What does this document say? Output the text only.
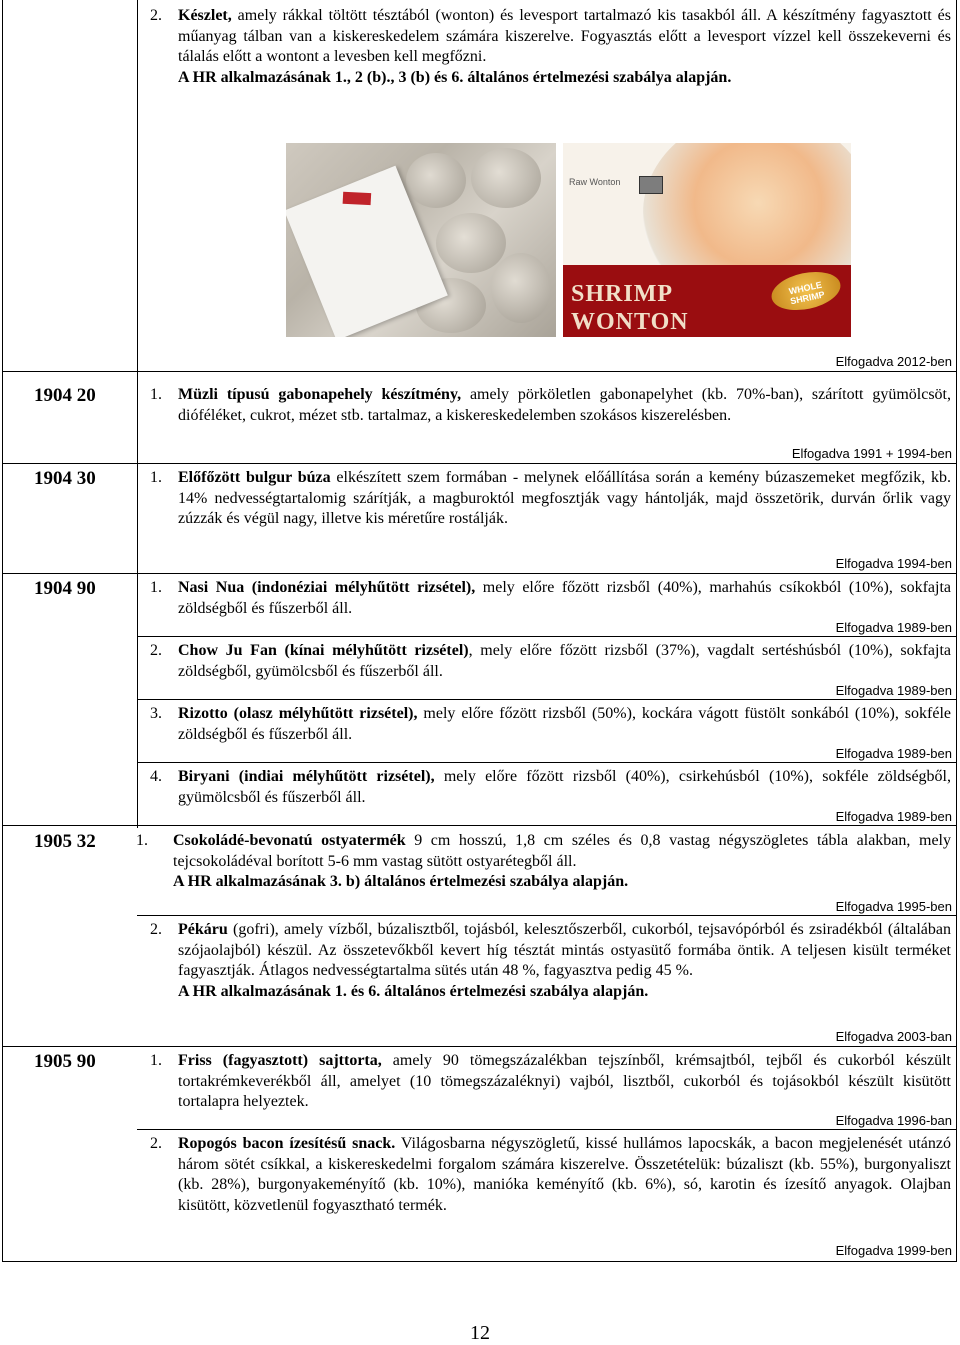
2. Készlet, amely rákkal töltött tésztából (wonton) és levesport tartalmazó kis tasakból áll. A készítmény fagyasztott és műanyag tálban van a kiskereskedelem számára kiszerelve. Fogyasztás előtt a levesport vízzel kell összekeverni és tálalás előtt a wontont a levesben kell megfőzni.
A HR alkalmazásának 1., 2 (b)., 3 (b) és 6. általános értelmezési szabálya alapján.
Raw Wonton
SHRIMP
WONTON
WHOLE SHRIMP
Elfogadva 2012-ben
1904 20	1. Müzli típusú gabonapehely készítmény, amely pörköletlen gabonapelyhet (kb. 70%-ban), szárított gyümölcsöt, dióféléket, cukrot, mézet stb. tartalmaz, a kiskereskedelemben szokásos kiszerelésben.
Elfogadva 1991 + 1994-ben
1904 30	1. Előfőzött bulgur búza elkészített szem formában - melynek előállítása során a kemény búzaszemeket megfőzik, kb. 14% nedvességtartalomig szárítják, a magburoktól megfosztják vagy hántolják, majd összetörik, durván őrlik vagy zúzzák és végül nagy, illetve kis méretűre rostálják.
Elfogadva 1994-ben
1904 90	1. Nasi Nua (indonéziai mélyhűtött rizsétel), mely előre főzött rizsből (40%), marhahús csíkokból (10%), sokfajta zöldségből és fűszerből áll.
Elfogadva 1989-ben
2. Chow Ju Fan (kínai mélyhűtött rizsétel), mely előre főzött rizsből (37%), vagdalt sertéshúsból (10%), sokfajta zöldségből, gyümölcsből és fűszerből áll.
Elfogadva 1989-ben
3. Rizotto (olasz mélyhűtött rizsétel), mely előre főzött rizsből (50%), kockára vágott füstölt sonkából (10%), sokféle zöldségből és fűszerből áll.
Elfogadva 1989-ben
4. Biryani (indiai mélyhűtött rizsétel), mely előre főzött rizsből (40%), csirkehúsból (10%), sokféle zöldségből, gyümölcsből és fűszerből áll.
Elfogadva 1989-ben
1905 32	1. Csokoládé-bevonatú ostyatermék 9 cm hosszú, 1,8 cm széles és 0,8 vastag négyszögletes tábla alakban, mely tejcsokoládéval borított 5-6 mm vastag sütött ostyarétegből áll.
A HR alkalmazásának 3. b) általános értelmezési szabálya alapján.
Elfogadva 1995-ben
2. Pékáru (gofri), amely vízből, búzalisztből, tojásból, kelesztőszerből, cukorból, tejsavópórból és zsiradékból (általában szójaolajból) készül. Az összetevőkből kevert híg tésztát mintás ostyasütő formába öntik. A teljesen kisült terméket fagyasztják. Átlagos nedvességtartalma sütés után 48 %, fagyasztva pedig 45 %.
A HR alkalmazásának 1. és 6. általános értelmezési szabálya alapján.
Elfogadva 2003-ban
1905 90	1. Friss (fagyasztott) sajttorta, amely 90 tömegszázalékban tejszínből, krémsajtból, tejből és cukorból készült tortakrémkeverékből áll, amelyet (10 tömegszázaléknyi) vajból, lisztből, cukorból és tojásokból készült kisütött tortalapra helyeztek.
Elfogadva 1996-ban
2. Ropogós bacon ízesítésű snack. Világosbarna négyszögletű, kissé hullámos lapocskák, a bacon megjelenését utánzó három sötét csíkkal, a kiskereskedelmi forgalom számára kiszerelve. Összetételük: búzaliszt (kb. 55%), burgonyaliszt (kb. 28%), burgonyakeményítő (kb. 10%), manióka keményítő (kb. 6%), só, karotin és ízesítő anyagok. Olajban kisütött, közvetlenül fogyasztható termék.
Elfogadva 1999-ben
12
